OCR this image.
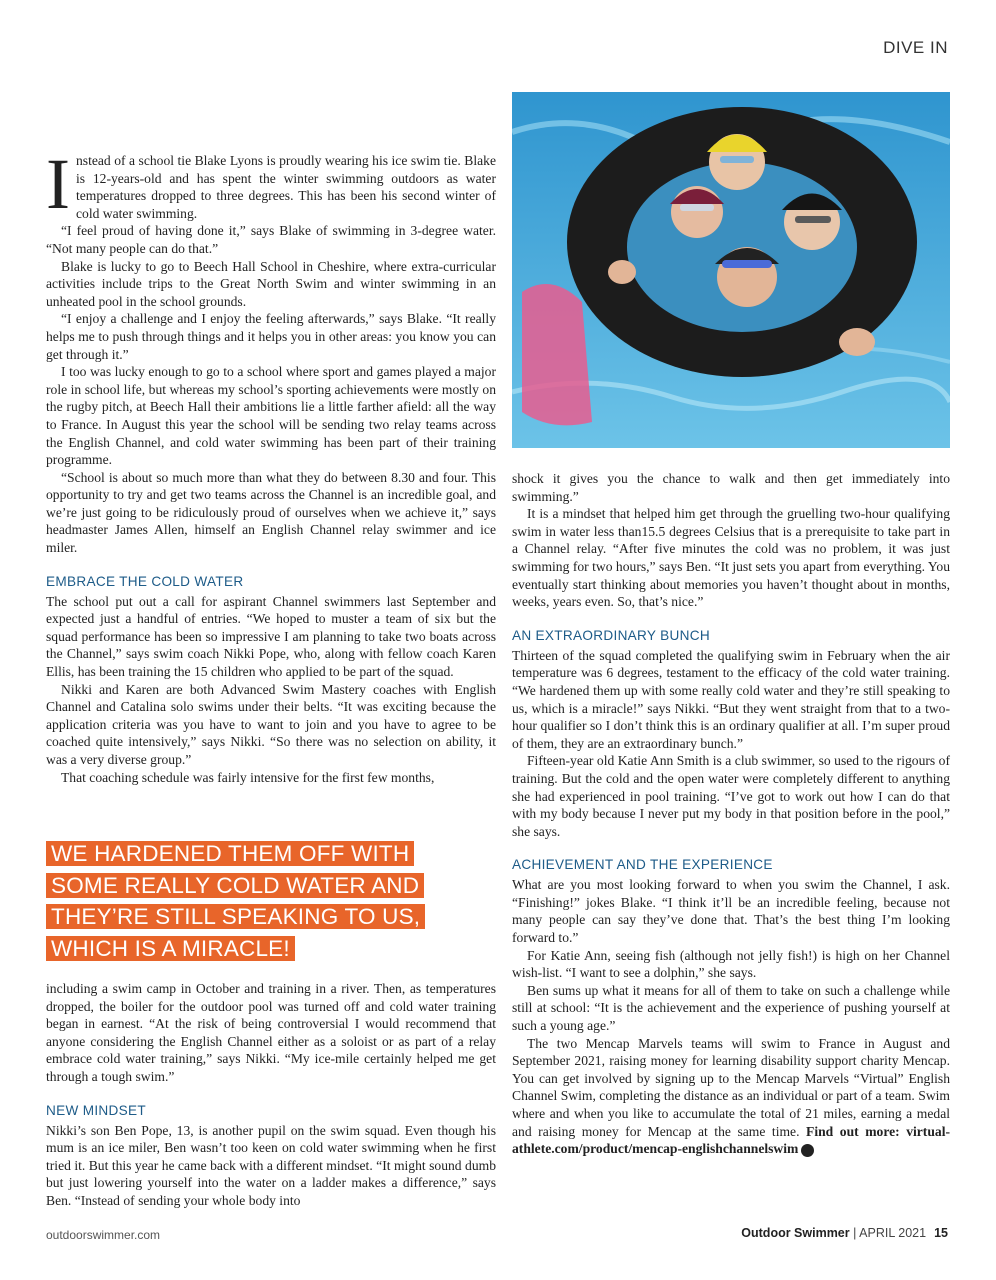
DIVE IN

Instead of a school tie Blake Lyons is proudly wearing his ice swim tie. Blake is 12-years-old and has spent the winter swimming outdoors as water temperatures dropped to three degrees. This has been his second winter of cold water swimming.

“I feel proud of having done it,” says Blake of swimming in 3-degree water. “Not many people can do that.”

Blake is lucky to go to Beech Hall School in Cheshire, where extra-curricular activities include trips to the Great North Swim and winter swimming in an unheated pool in the school grounds.

“I enjoy a challenge and I enjoy the feeling afterwards,” says Blake. “It really helps me to push through things and it helps you in other areas: you know you can get through it.”

I too was lucky enough to go to a school where sport and games played a major role in school life, but whereas my school’s sporting achievements were mostly on the rugby pitch, at Beech Hall their ambitions lie a little farther afield: all the way to France. In August this year the school will be sending two relay teams across the English Channel, and cold water swimming has been part of their training programme.

“School is about so much more than what they do between 8.30 and four. This opportunity to try and get two teams across the Channel is an incredible goal, and we’re just going to be ridiculously proud of ourselves when we achieve it,” says headmaster James Allen, himself an English Channel relay swimmer and ice miler.

EMBRACE THE COLD WATER

The school put out a call for aspirant Channel swimmers last September and expected just a handful of entries. “We hoped to muster a team of six but the squad performance has been so impressive I am planning to take two boats across the Channel,” says swim coach Nikki Pope, who, along with fellow coach Karen Ellis, has been training the 15 children who applied to be part of the squad.

Nikki and Karen are both Advanced Swim Mastery coaches with English Channel and Catalina solo swims under their belts. “It was exciting because the application criteria was you have to want to join and you have to agree to be coached quite intensively,” says Nikki. “So there was no selection on ability, it was a very diverse group.”

That coaching schedule was fairly intensive for the first few months,

WE HARDENED THEM OFF WITH
SOME REALLY COLD WATER AND
THEY’RE STILL SPEAKING TO US,
WHICH IS A MIRACLE!

including a swim camp in October and training in a river. Then, as temperatures dropped, the boiler for the outdoor pool was turned off and cold water training began in earnest. “At the risk of being controversial I would recommend that anyone considering the English Channel either as a soloist or as part of a relay embrace cold water training,” says Nikki. “My ice-mile certainly helped me get through a tough swim.”

NEW MINDSET

Nikki’s son Ben Pope, 13, is another pupil on the swim squad. Even though his mum is an ice miler, Ben wasn’t too keen on cold water swimming when he first tried it. But this year he came back with a different mindset. “It might sound dumb but just lowering yourself into the water on a ladder makes a difference,” says Ben. “Instead of sending your whole body into

shock it gives you the chance to walk and then get immediately into swimming.”

It is a mindset that helped him get through the gruelling two-hour qualifying swim in water less than15.5 degrees Celsius that is a prerequisite to take part in a Channel relay. “After five minutes the cold was no problem, it was just swimming for two hours,” says Ben. “It just sets you apart from everything. You eventually start thinking about memories you haven’t thought about in months, weeks, years even. So, that’s nice.”

AN EXTRAORDINARY BUNCH

Thirteen of the squad completed the qualifying swim in February when the air temperature was 6 degrees, testament to the efficacy of the cold water training. “We hardened them up with some really cold water and they’re still speaking to us, which is a miracle!” says Nikki. “But they went straight from that to a two-hour qualifier so I don’t think this is an ordinary qualifier at all. I’m super proud of them, they are an extraordinary bunch.”

Fifteen-year old Katie Ann Smith is a club swimmer, so used to the rigours of training. But the cold and the open water were completely different to anything she had experienced in pool training. “I’ve got to work out how I can do that with my body because I never put my body in that position before in the pool,” she says.

ACHIEVEMENT AND THE EXPERIENCE

What are you most looking forward to when you swim the Channel, I ask. “Finishing!” jokes Blake. “I think it’ll be an incredible feeling, because not many people can say they’ve done that. That’s the best thing I’m looking forward to.”

For Katie Ann, seeing fish (although not jelly fish!) is high on her Channel wish-list. “I want to see a dolphin,” she says.

Ben sums up what it means for all of them to take on such a challenge while still at school: “It is the achievement and the experience of pushing yourself at such a young age.”

The two Mencap Marvels teams will swim to France in August and September 2021, raising money for learning disability support charity Mencap. You can get involved by signing up to the Mencap Marvels “Virtual” English Channel Swim, completing the distance as an individual or part of a team. Swim where and when you like to accumulate the total of 21 miles, earning a medal and raising money for Mencap at the same time. Find out more: virtual-athlete.com/product/mencap-englishchannelswim

outdoorswimmer.com	Outdoor Swimmer | APRIL 2021 15
